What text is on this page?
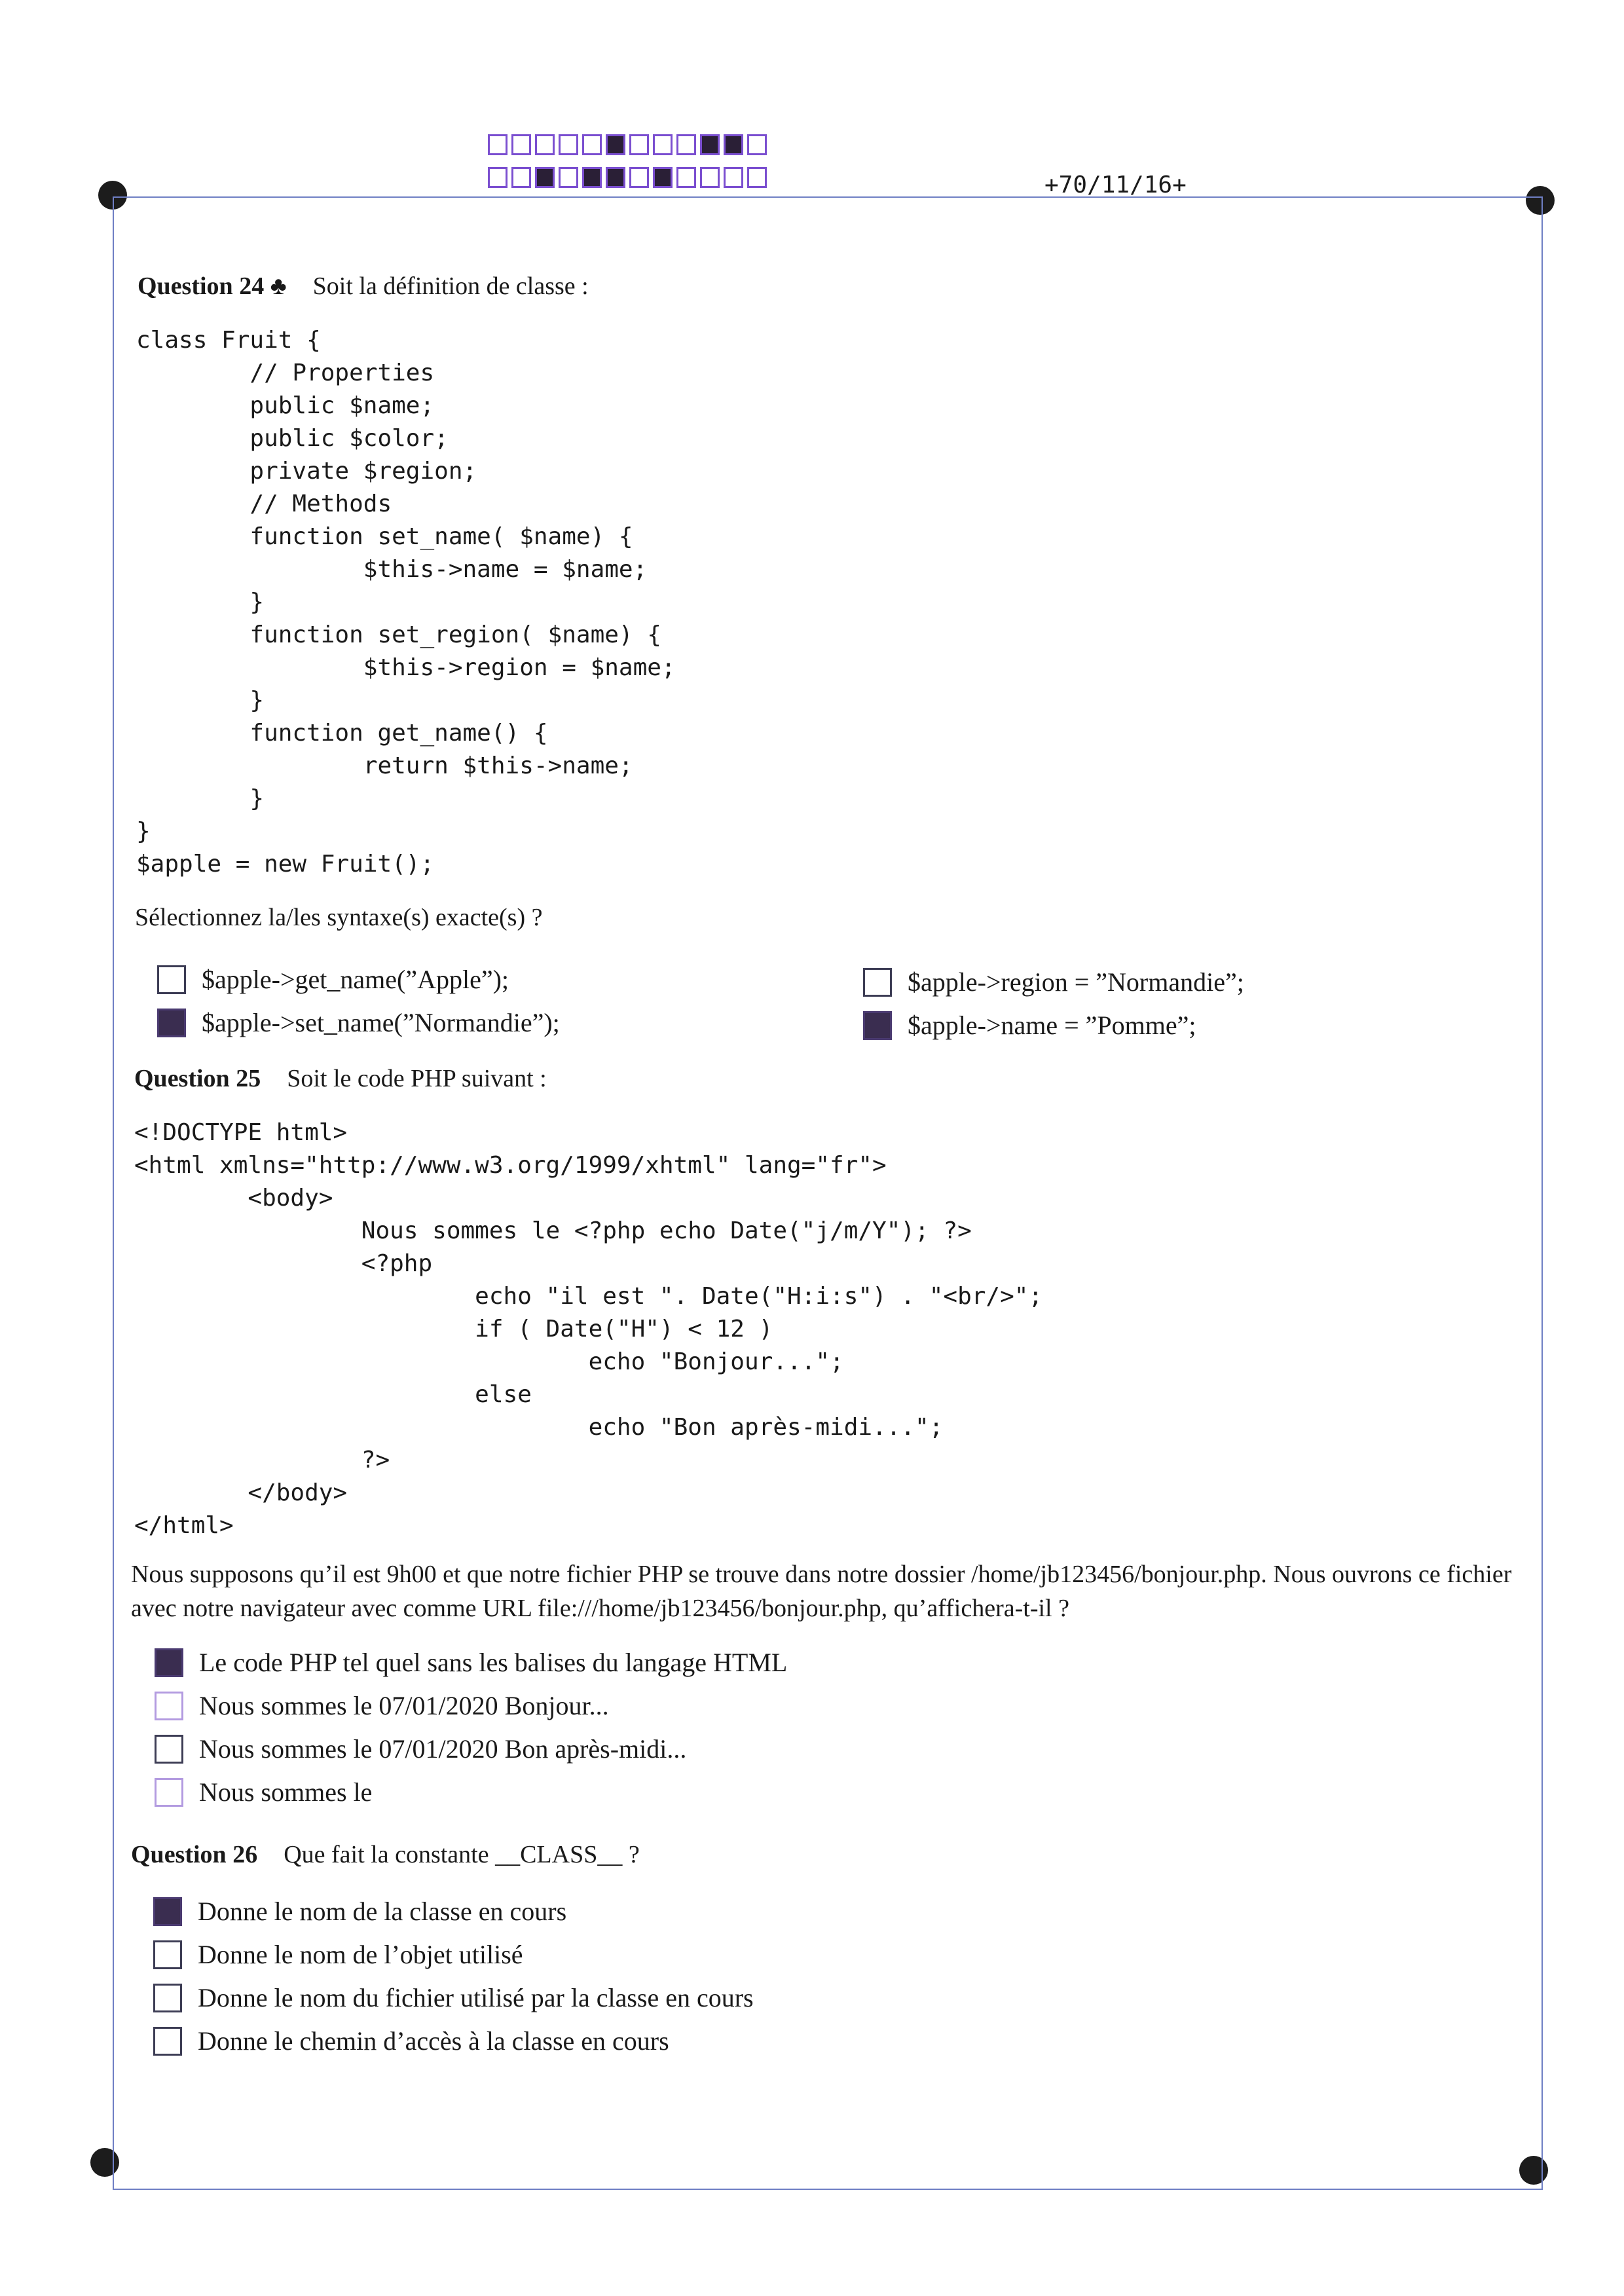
+70/11/16+
Question 24 ♣ Soit la définition de classe :
class Fruit {
// Properties
public $name;
public $color;
private $region;
// Methods
function set_name( $name) {
$this->name = $name;
}
function set_region( $name) {
$this->region = $name;
}
function get_name() {
return $this->name;
}
}
$apple = new Fruit();
Sélectionnez la/les syntaxe(s) exacte(s) ?
$apple->get_name(”Apple”);
$apple->set_name(”Normandie”);
$apple->region = ”Normandie”;
$apple->name = ”Pomme”;
Question 25 Soit le code PHP suivant :
<!DOCTYPE html>
<html xmlns="http://www.w3.org/1999/xhtml" lang="fr">
<body>
Nous sommes le <?php echo Date("j/m/Y"); ?>
<?php
echo "il est ". Date("H:i:s") . "<br/>";
if ( Date("H") < 12 )
echo "Bonjour...";
else
echo "Bon après-midi...";
?>
</body>
</html>
Nous supposons qu’il est 9h00 et que notre fichier PHP se trouve dans notre dossier /home/jb123456/bonjour.php. Nous ouvrons ce fichier avec notre navigateur avec comme URL file:///home/jb123456/bonjour.php, qu’affichera-t-il ?
Le code PHP tel quel sans les balises du langage HTML
Nous sommes le 07/01/2020 Bonjour...
Nous sommes le 07/01/2020 Bon après-midi...
Nous sommes le
Question 26 Que fait la constante __CLASS__ ?
Donne le nom de la classe en cours
Donne le nom de l’objet utilisé
Donne le nom du fichier utilisé par la classe en cours
Donne le chemin d’accès à la classe en cours
